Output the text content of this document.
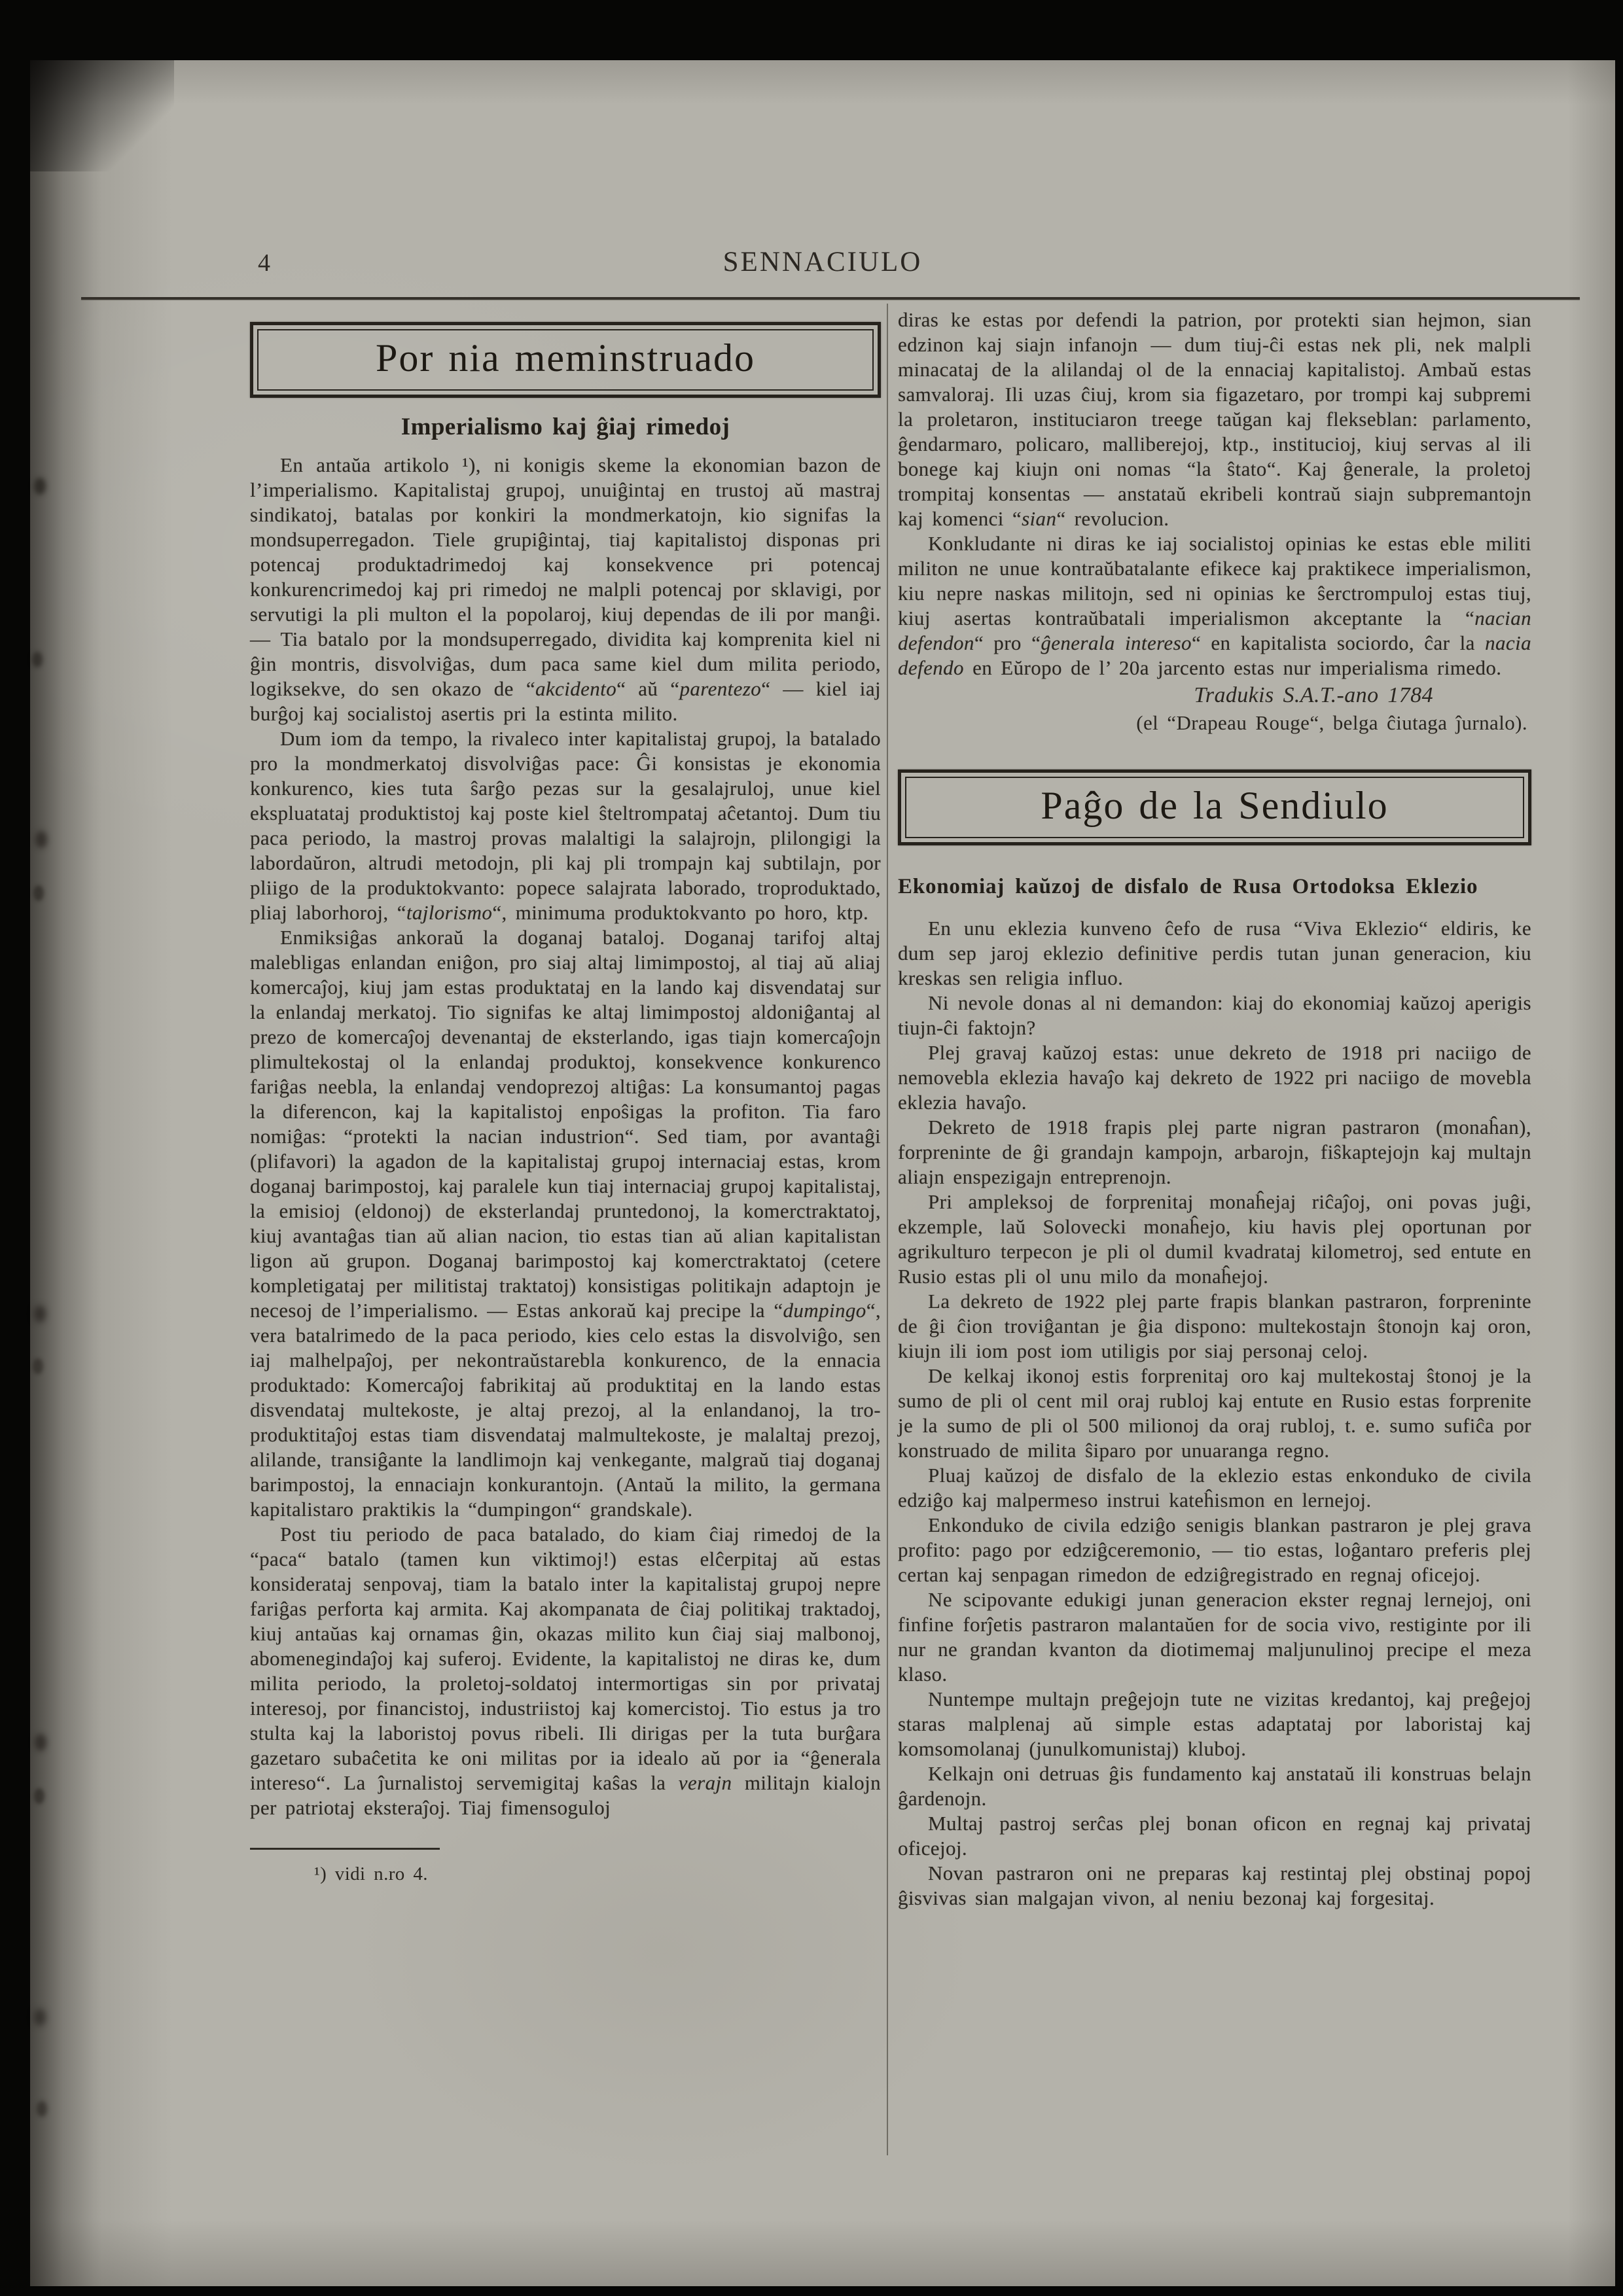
4	SENNACIULO
Por nia meminstruado
Imperialismo kaj ĝiaj rimedoj

En antaŭa artikolo ¹), ni konigis skeme la ekonomian bazon de l’imperialismo. Kapitalistaj grupoj, unuiĝintaj en trustoj aŭ mastraj sindikatoj, batalas por konkiri la mondmerkatojn, kio signifas la mondsuperregadon. Tiele grupiĝintaj, tiaj kapitalistoj disponas pri potencaj produktadrimedoj kaj konsekvence pri potencaj konkurencrimedoj kaj pri rimedoj ne malpli potencaj por sklavigi, por servutigi la pli multon el la popolaroj, kiuj dependas de ili por manĝi. — Tia batalo por la mondsuperregado, dividita kaj komprenita kiel ni ĝin montris, disvolviĝas, dum paca same kiel dum milita periodo, logiksekve, do sen okazo de “akcidento“ aŭ “parentezo“ — kiel iaj burĝoj kaj socialistoj asertis pri la estinta milito.

Dum iom da tempo, la rivaleco inter kapitalistaj grupoj, la batalado pro la mondmerkatoj disvolviĝas pace: Ĝi konsistas je ekonomia konkurenco, kies tuta ŝarĝo pezas sur la gesalajruloj, unue kiel ekspluatataj produktistoj kaj poste kiel ŝteltrompataj aĉetantoj. Dum tiu paca periodo, la mastroj provas malaltigi la salajrojn, plilongigi la labordaŭron, altrudi metodojn, pli kaj pli trompajn kaj subtilajn, por pliigo de la produktokvanto: popece salajrata laborado, troproduktado, pliaj laborhoroj, “tajlorismo“, minimuma produktokvanto po horo, ktp.

Enmiksiĝas ankoraŭ la doganaj bataloj. Doganaj tarifoj altaj malebligas enlandan eniĝon, pro siaj altaj limimpostoj, al tiaj aŭ aliaj komercaĵoj, kiuj jam estas produktataj en la lando kaj disvendataj sur la enlandaj merkatoj. Tio signifas ke altaj limimpostoj aldoniĝantaj al prezo de komercaĵoj devenantaj de eksterlando, igas tiajn komercaĵojn plimultekostaj ol la enlandaj produktoj, konsekvence konkurenco fariĝas neebla, la enlandaj vendoprezoj altiĝas: La konsumantoj pagas la diferencon, kaj la kapitalistoj enpoŝigas la profiton. Tia faro nomiĝas: “protekti la nacian industrion“. Sed tiam, por avantaĝi (plifavori) la agadon de la kapitalistaj grupoj internaciaj estas, krom doganaj barimpostoj, kaj paralele kun tiaj internaciaj grupoj kapitalistaj, la emisioj (eldonoj) de eksterlandaj pruntedonoj, la komerctraktatoj, kiuj avantaĝas tian aŭ alian nacion, tio estas tian aŭ alian kapitalistan ligon aŭ grupon. Doganaj barimpostoj kaj komerctraktatoj (cetere kompletigataj per militistaj traktatoj) konsistigas politikajn adaptojn je necesoj de l’imperialismo. — Estas ankoraŭ kaj precipe la “dumpingo“, vera batalrimedo de la paca periodo, kies celo estas la disvolviĝo, sen iaj malhelpaĵoj, per nekontraŭstarebla konkurenco, de la ennacia produktado: Komercaĵoj fabrikitaj aŭ produktitaj en la lando estas disvendataj multekoste, je altaj prezoj, al la enlandanoj, la tro-produktitaĵoj estas tiam disvendataj malmultekoste, je malaltaj prezoj, alilande, transiĝante la landlimojn kaj venkegante, malgraŭ tiaj doganaj barimpostoj, la ennaciajn konkurantojn. (Antaŭ la milito, la germana kapitalistaro praktikis la “dumpingon“ grandskale).

Post tiu periodo de paca batalado, do kiam ĉiaj rimedoj de la “paca“ batalo (tamen kun viktimoj!) estas elĉerpitaj aŭ estas konsiderataj senpovaj, tiam la batalo inter la kapitalistaj grupoj nepre fariĝas perforta kaj armita. Kaj akompanata de ĉiaj politikaj traktadoj, kiuj antaŭas kaj ornamas ĝin, okazas milito kun ĉiaj siaj malbonoj, abomenegindaĵoj kaj suferoj. Evidente, la kapitalistoj ne diras ke, dum milita periodo, la proletoj-soldatoj intermortigas sin por privataj interesoj, por financistoj, industriistoj kaj komercistoj. Tio estus ja tro stulta kaj la laboristoj povus ribeli. Ili dirigas per la tuta burĝara gazetaro subaĉetita ke oni militas por ia idealo aŭ por ia “ĝenerala intereso“. La ĵurnalistoj servemigitaj kaŝas la verajn militajn kialojn per patriotaj eksteraĵoj. Tiaj fimensoguloj

¹) vidi n.ro 4.

diras ke estas por defendi la patrion, por protekti sian hejmon, sian edzinon kaj siajn infanojn — dum tiuj-ĉi estas nek pli, nek malpli minacataj de la alilandaj ol de la ennaciaj kapitalistoj. Ambaŭ estas samvaloraj. Ili uzas ĉiuj, krom sia figazetaro, por trompi kaj subpremi la proletaron, instituciaron treege taŭgan kaj flekseblan: parlamento, ĝendarmaro, policaro, malliberejoj, ktp., institucioj, kiuj servas al ili bonege kaj kiujn oni nomas “la ŝtato“. Kaj ĝenerale, la proletoj trompitaj konsentas — anstataŭ ekribeli kontraŭ siajn subpremantojn kaj komenci “sian“ revolucion.

Konkludante ni diras ke iaj socialistoj opinias ke estas eble militi militon ne unue kontraŭbatalante efikece kaj praktikece imperialismon, kiu nepre naskas militojn, sed ni opinias ke ŝerctrompuloj estas tiuj, kiuj asertas kontraŭbatali imperialismon akceptante la “nacian defendon“ pro “ĝenerala intereso“ en kapitalista sociordo, ĉar la nacia defendo en Eŭropo de l’ 20a jarcento estas nur imperialisma rimedo.

Tradukis S.A.T.-ano 1784
(el “Drapeau Rouge“, belga ĉiutaga ĵurnalo).
Paĝo de la Sendiulo
Ekonomiaj kaŭzoj de disfalo de Rusa Ortodoksa Eklezio

En unu eklezia kunveno ĉefo de rusa “Viva Eklezio“ eldiris, ke dum sep jaroj eklezio definitive perdis tutan junan generacion, kiu kreskas sen religia influo.

Ni nevole donas al ni demandon: kiaj do ekonomiaj kaŭzoj aperigis tiujn-ĉi faktojn?

Plej gravaj kaŭzoj estas: unue dekreto de 1918 pri naciigo de nemovebla eklezia havaĵo kaj dekreto de 1922 pri naciigo de movebla eklezia havaĵo.

Dekreto de 1918 frapis plej parte nigran pastraron (monaĥan), forpreninte de ĝi grandajn kampojn, arbarojn, fiŝkaptejojn kaj multajn aliajn enspezigajn entreprenojn.

Pri ampleksoj de forprenitaj monaĥejaj riĉaĵoj, oni povas juĝi, ekzemple, laŭ Solovecki monaĥejo, kiu havis plej oportunan por agrikulturo terpecon je pli ol dumil kvadrataj kilometroj, sed entute en Rusio estas pli ol unu milo da monaĥejoj.

La dekreto de 1922 plej parte frapis blankan pastraron, forpreninte de ĝi ĉion troviĝantan je ĝia dispono: multekostajn ŝtonojn kaj oron, kiujn ili iom post iom utiligis por siaj personaj celoj.

De kelkaj ikonoj estis forprenitaj oro kaj multekostaj ŝtonoj je la sumo de pli ol cent mil oraj rubloj kaj entute en Rusio estas forprenite je la sumo de pli ol 500 milionoj da oraj rubloj, t. e. sumo sufiĉa por konstruado de milita ŝiparo por unuaranga regno.

Pluaj kaŭzoj de disfalo de la eklezio estas enkonduko de civila edziĝo kaj malpermeso instrui kateĥismon en lernejoj.

Enkonduko de civila edziĝo senigis blankan pastraron je plej grava profito: pago por edziĝceremonio, — tio estas, loĝantaro preferis plej certan kaj senpagan rimedon de edziĝregistrado en regnaj oficejoj.

Ne scipovante edukigi junan generacion ekster regnaj lernejoj, oni finfine forĵetis pastraron malantaŭen for de socia vivo, restiginte por ili nur ne grandan kvanton da diotimemaj maljunulinoj precipe el meza klaso.

Nuntempe multajn preĝejojn tute ne vizitas kredantoj, kaj preĝejoj staras malplenaj aŭ simple estas adaptataj por laboristaj kaj komsomolanaj (junulkomunistaj) kluboj.

Kelkajn oni detruas ĝis fundamento kaj anstataŭ ili konstruas belajn ĝardenojn.

Multaj pastroj serĉas plej bonan oficon en regnaj kaj privataj oficejoj.

Novan pastraron oni ne preparas kaj restintaj plej obstinaj popoj ĝisvivas sian malgajan vivon, al neniu bezonaj kaj forgesitaj.
